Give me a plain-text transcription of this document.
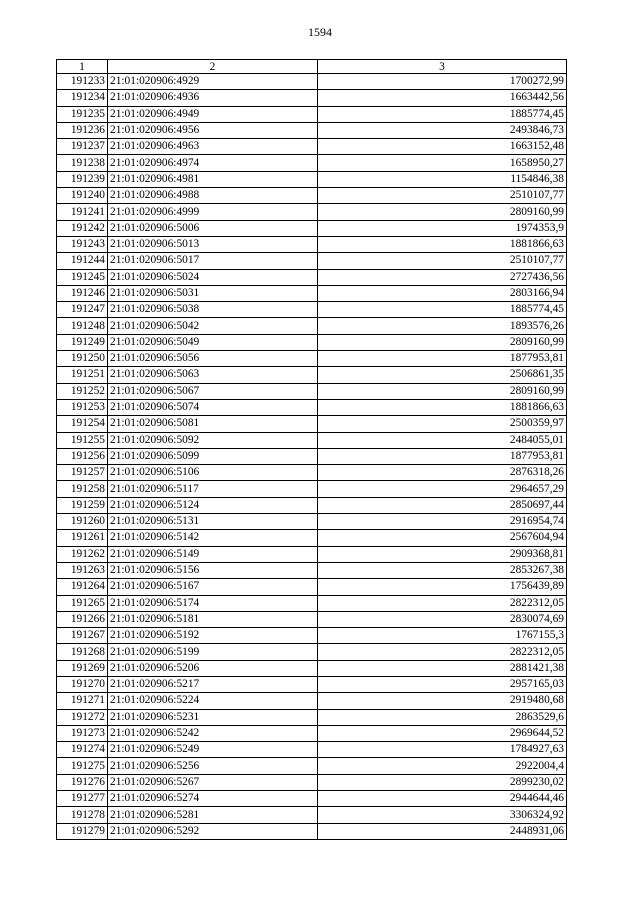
1594
1	2	3
191233	21:01:020906:4929	1700272,99
191234	21:01:020906:4936	1663442,56
191235	21:01:020906:4949	1885774,45
191236	21:01:020906:4956	2493846,73
191237	21:01:020906:4963	1663152,48
191238	21:01:020906:4974	1658950,27
191239	21:01:020906:4981	1154846,38
191240	21:01:020906:4988	2510107,77
191241	21:01:020906:4999	2809160,99
191242	21:01:020906:5006	1974353,9
191243	21:01:020906:5013	1881866,63
191244	21:01:020906:5017	2510107,77
191245	21:01:020906:5024	2727436,56
191246	21:01:020906:5031	2803166,94
191247	21:01:020906:5038	1885774,45
191248	21:01:020906:5042	1893576,26
191249	21:01:020906:5049	2809160,99
191250	21:01:020906:5056	1877953,81
191251	21:01:020906:5063	2506861,35
191252	21:01:020906:5067	2809160,99
191253	21:01:020906:5074	1881866,63
191254	21:01:020906:5081	2500359,97
191255	21:01:020906:5092	2484055,01
191256	21:01:020906:5099	1877953,81
191257	21:01:020906:5106	2876318,26
191258	21:01:020906:5117	2964657,29
191259	21:01:020906:5124	2850697,44
191260	21:01:020906:5131	2916954,74
191261	21:01:020906:5142	2567604,94
191262	21:01:020906:5149	2909368,81
191263	21:01:020906:5156	2853267,38
191264	21:01:020906:5167	1756439,89
191265	21:01:020906:5174	2822312,05
191266	21:01:020906:5181	2830074,69
191267	21:01:020906:5192	1767155,3
191268	21:01:020906:5199	2822312,05
191269	21:01:020906:5206	2881421,38
191270	21:01:020906:5217	2957165,03
191271	21:01:020906:5224	2919480,68
191272	21:01:020906:5231	2863529,6
191273	21:01:020906:5242	2969644,52
191274	21:01:020906:5249	1784927,63
191275	21:01:020906:5256	2922004,4
191276	21:01:020906:5267	2899230,02
191277	21:01:020906:5274	2944644,46
191278	21:01:020906:5281	3306324,92
191279	21:01:020906:5292	2448931,06
